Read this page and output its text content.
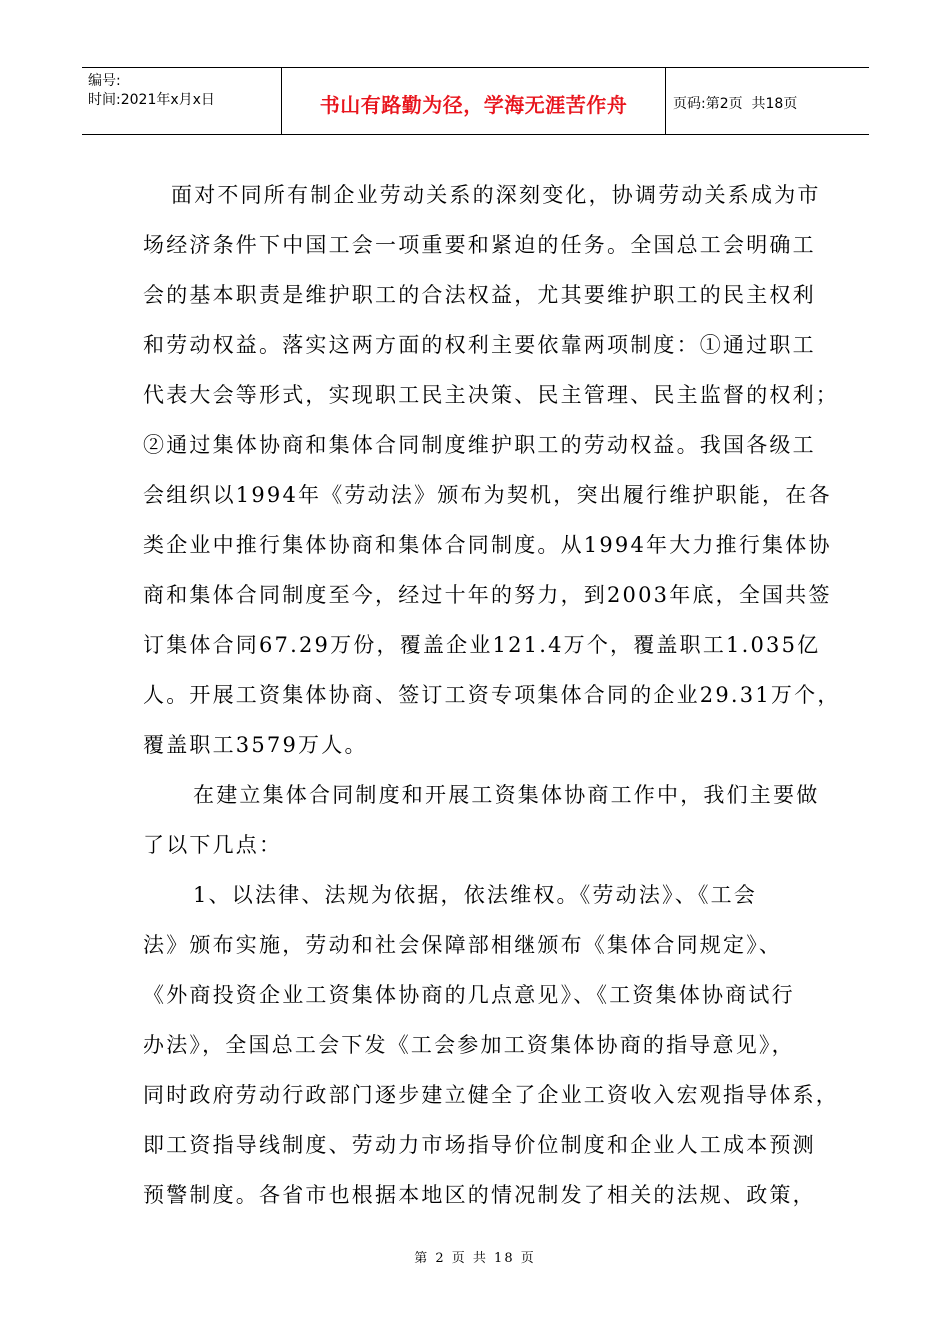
编号:
时间:2021年x月x日	书山有路勤为径，学海无涯苦作舟	页码:第2页  共18页
面对不同所有制企业劳动关系的深刻变化，协调劳动关系成为市
场经济条件下中国工会一项重要和紧迫的任务。全国总工会明确工
会的基本职责是维护职工的合法权益，尤其要维护职工的民主权利
和劳动权益。落实这两方面的权利主要依靠两项制度：①通过职工
代表大会等形式，实现职工民主决策、民主管理、民主监督的权利；
②通过集体协商和集体合同制度维护职工的劳动权益。我国各级工
会组织以1994年《劳动法》颁布为契机，突出履行维护职能，在各
类企业中推行集体协商和集体合同制度。从1994年大力推行集体协
商和集体合同制度至今，经过十年的努力，到2003年底，全国共签
订集体合同67.29万份，覆盖企业121.4万个，覆盖职工1.035亿
人。开展工资集体协商、签订工资专项集体合同的企业29.31万个，
覆盖职工3579万人。
在建立集体合同制度和开展工资集体协商工作中，我们主要做
了以下几点：
1、以法律、法规为依据，依法维权。《劳动法》、《工会
法》颁布实施，劳动和社会保障部相继颁布《集体合同规定》、
《外商投资企业工资集体协商的几点意见》、《工资集体协商试行
办法》，全国总工会下发《工会参加工资集体协商的指导意见》，
同时政府劳动行政部门逐步建立健全了企业工资收入宏观指导体系，
即工资指导线制度、劳动力市场指导价位制度和企业人工成本预测
预警制度。各省市也根据本地区的情况制发了相关的法规、政策，
第 2 页 共 18 页
